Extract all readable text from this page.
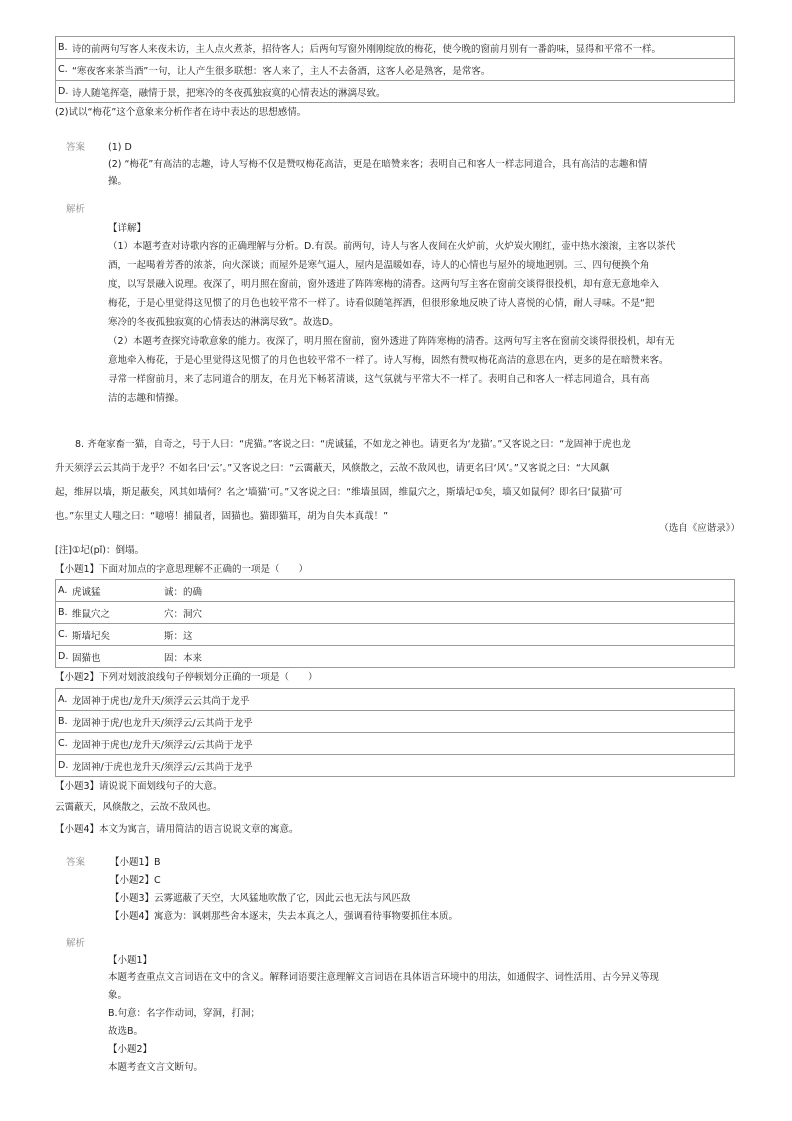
B. 诗的前两句写客人来夜未访，主人点火煮茶，招待客人；后两句写窗外刚刚绽放的梅花，使今晚的窗前月别有一番韵味，显得和平常不一样。
C. “寒夜客来茶当酒”一句，让人产生很多联想：客人来了，主人不去备酒，这客人必是熟客，是常客。
D. 诗人随笔挥毫，融情于景，把寒冷的冬夜孤独寂寞的心情表达的淋漓尽致。
(2)试以“梅花”这个意象来分析作者在诗中表达的思想感情。
答案 (1) D
(2) “梅花”有高洁的志趣，诗人写梅不仅是赞叹梅花高洁，更是在暗赞来客；表明自己和客人一样志同道合，具有高洁的志趣和情
操。
解析
【详解】
（1）本题考查对诗歌内容的正确理解与分析。D.有误。前两句，诗人与客人夜间在火炉前，火炉炭火刚红，壶中热水滚滚，主客以茶代
酒，一起喝着芳香的浓茶，向火深谈；而屋外是寒气逼人，屋内是温暖如春，诗人的心情也与屋外的境地迥别。三、四句便换个角
度，以写景融入说理。夜深了，明月照在窗前，窗外透进了阵阵寒梅的清香。这两句写主客在窗前交谈得很投机，却有意无意地牵入
梅花，于是心里觉得这见惯了的月色也较平常不一样了。诗看似随笔挥洒，但很形象地反映了诗人喜悦的心情，耐人寻味。不是“把
寒冷的冬夜孤独寂寞的心情表达的淋漓尽致”。故选D。
（2）本题考查探究诗歌意象的能力。夜深了，明月照在窗前，窗外透进了阵阵寒梅的清香。这两句写主客在窗前交谈得很投机，却有无
意地牵入梅花，于是心里觉得这见惯了的月色也较平常不一样了。诗人写梅，固然有赞叹梅花高洁的意思在内，更多的是在暗赞来客。
寻常一样窗前月，来了志同道合的朋友，在月光下畅茗清谈，这气氛就与平常大不一样了。表明自己和客人一样志同道合，具有高
洁的志趣和情操。
8. 齐奄家畜一猫，自奇之，号于人曰：“虎猫。”客说之曰：“虎诚猛，不如龙之神也。请更名为‘龙猫’。”又客说之曰：“龙固神于虎也龙
升天须浮云云其尚于龙乎？不如名曰‘云’。”又客说之曰：“云霭蔽天，风倏散之，云故不敌风也，请更名曰‘风’。”又客说之曰：“大风飙
起，维屏以墙，斯足蔽矣，风其如墙何？名之‘墙猫’可。”又客说之曰：“维墙虽固，维鼠穴之，斯墙圮①矣，墙又如鼠何？即名曰‘鼠猫’可
也。”东里丈人嗤之曰：“噫嘻！捕鼠者，固猫也。猫即猫耳，胡为自失本真哉！”
（选自《应谐录》）
[注]①圮(pǐ)：倒塌。
【小题1】下面对加点的字意思理解不正确的一项是（　　）
A. 虎诚猛	诚：的确
B. 维鼠穴之	穴：洞穴
C. 斯墙圮矣	斯：这
D. 固猫也	固：本来
【小题2】下列对划波浪线句子停顿划分正确的一项是（　　）
A. 龙固神于虎也/龙升天/须浮云云其尚于龙乎
B. 龙固神于虎/也龙升天/须浮云/云其尚于龙乎
C. 龙固神于虎也/龙升天/须浮云/云其尚于龙乎
D. 龙固神/于虎也龙升天/须浮云/云其尚于龙乎
【小题3】请说说下面划线句子的大意。
云霭蔽天，风倏散之，云故不敌风也。
【小题4】本文为寓言，请用简洁的语言说说文章的寓意。
答案	【小题1】B
【小题2】C
【小题3】云雾遮蔽了天空，大风猛地吹散了它，因此云也无法与风匹敌
【小题4】寓意为：讽刺那些舍本逐末，失去本真之人，强调看待事物要抓住本质。
解析
【小题1】
本题考查重点文言词语在文中的含义。解释词语要注意理解文言词语在具体语言环境中的用法，如通假字、词性活用、古今异义等现
象。
B.句意：名字作动词，穿洞，打洞；
故选B。
【小题2】
本题考查文言文断句。
